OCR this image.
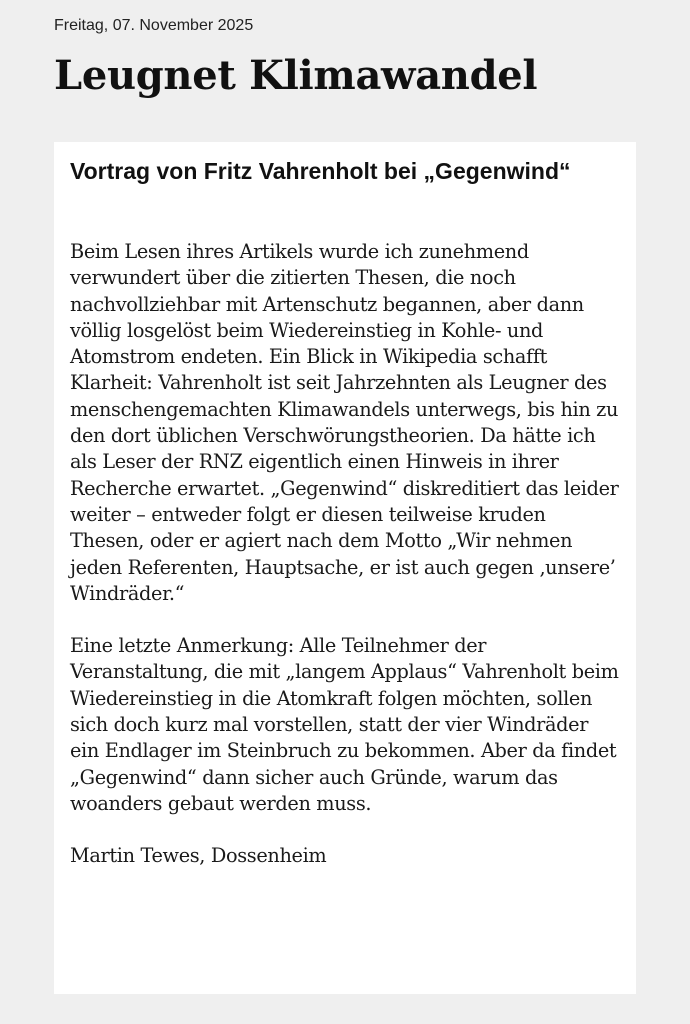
Freitag, 07. November 2025
Leugnet Klimawandel
Vortrag von Fritz Vahrenholt bei „Gegenwind“

Beim Lesen ihres Artikels wurde ich zunehmend verwundert über die zitierten Thesen, die noch nachvollziehbar mit Artenschutz begannen, aber dann völlig losgelöst beim Wiedereinstieg in Kohle- und Atomstrom endeten. Ein Blick in Wikipedia schafft Klarheit: Vahrenholt ist seit Jahrzehnten als Leugner des menschengemachten Klimawandels unterwegs, bis hin zu den dort üblichen Verschwörungstheorien. Da hätte ich als Leser der RNZ eigentlich einen Hinweis in ihrer Recherche erwartet. „Gegenwind“ diskreditiert das leider weiter – entweder folgt er diesen teilweise kruden Thesen, oder er agiert nach dem Motto „Wir nehmen jeden Referenten, Hauptsache, er ist auch gegen ‚unsere’ Windräder.“

Eine letzte Anmerkung: Alle Teilnehmer der Veranstaltung, die mit „langem Applaus“ Vahrenholt beim Wiedereinstieg in die Atomkraft folgen möchten, sollen sich doch kurz mal vorstellen, statt der vier Windräder ein Endlager im Steinbruch zu bekommen. Aber da findet „Gegenwind“ dann sicher auch Gründe, warum das woanders gebaut werden muss.

Martin Tewes, Dossenheim
